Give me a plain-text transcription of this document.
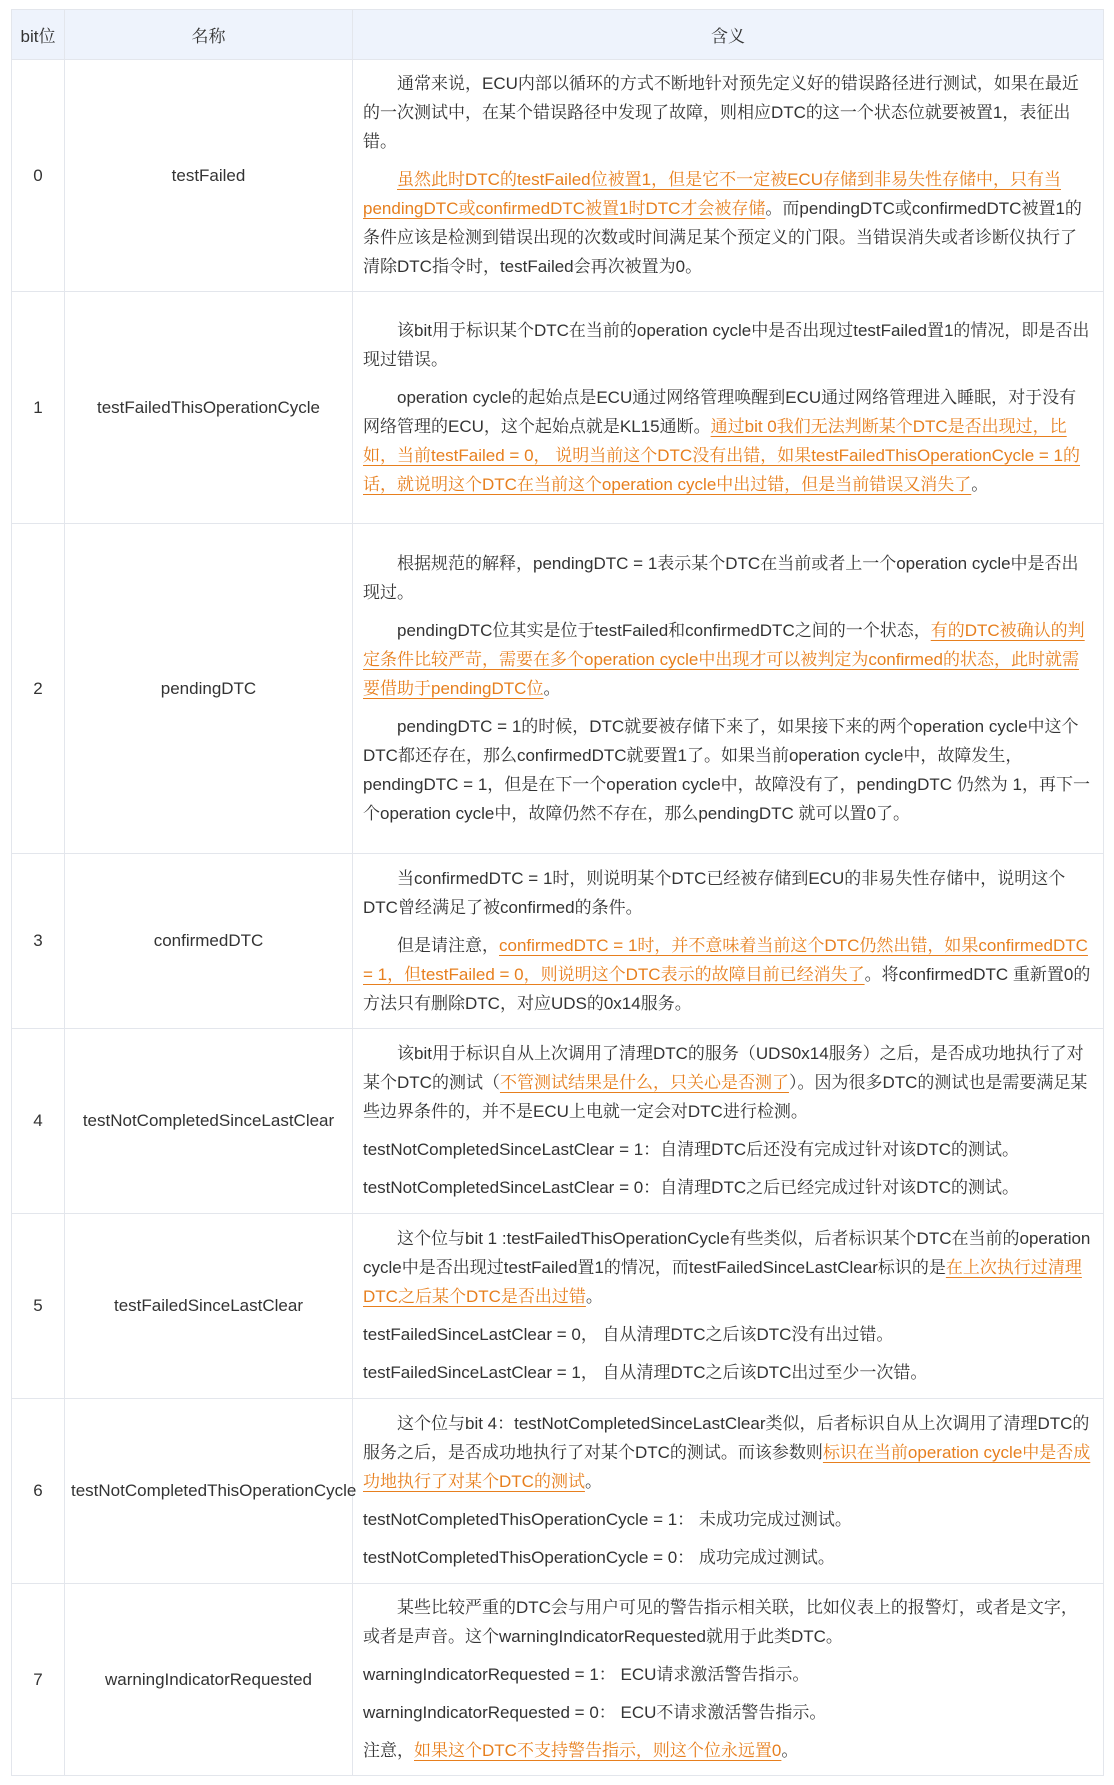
bit位	名称	含义
0	testFailed	通常来说，ECU内部以循环的方式不断地针对预先定义好的错误路径进行测试，如果在最近的一次测试中，在某个错误路径中发现了故障，则相应DTC的这一个状态位就要被置1，表征出错。
虽然此时DTC的testFailed位被置1，但是它不一定被ECU存储到非易失性存储中，只有当pendingDTC或confirmedDTC被置1时DTC才会被存储。而pendingDTC或confirmedDTC被置1的条件应该是检测到错误出现的次数或时间满足某个预定义的门限。当错误消失或者诊断仪执行了清除DTC指令时，testFailed会再次被置为0。

1	testFailedThisOperationCycle	该bit用于标识某个DTC在当前的operation cycle中是否出现过testFailed置1的情况，即是否出现过错误。
operation cycle的起始点是ECU通过网络管理唤醒到ECU通过网络管理进入睡眠，对于没有网络管理的ECU，这个起始点就是KL15通断。通过bit 0我们无法判断某个DTC是否出现过，比如，当前testFailed = 0， 说明当前这个DTC没有出错，如果testFailedThisOperationCycle = 1的话，就说明这个DTC在当前这个operation cycle中出过错，但是当前错误又消失了。

2	pendingDTC	根据规范的解释，pendingDTC = 1表示某个DTC在当前或者上一个operation cycle中是否出现过。
pendingDTC位其实是位于testFailed和confirmedDTC之间的一个状态，有的DTC被确认的判定条件比较严苛，需要在多个operation cycle中出现才可以被判定为confirmed的状态，此时就需要借助于pendingDTC位。
pendingDTC = 1的时候，DTC就要被存储下来了，如果接下来的两个operation cycle中这个DTC都还存在，那么confirmedDTC就要置1了。如果当前operation cycle中，故障发生，pendingDTC = 1，但是在下一个operation cycle中，故障没有了，pendingDTC 仍然为 1，再下一个operation cycle中，故障仍然不存在，那么pendingDTC 就可以置0了。

3	confirmedDTC	当confirmedDTC = 1时，则说明某个DTC已经被存储到ECU的非易失性存储中，说明这个DTC曾经满足了被confirmed的条件。
但是请注意，confirmedDTC = 1时，并不意味着当前这个DTC仍然出错，如果confirmedDTC = 1，但testFailed = 0，则说明这个DTC表示的故障目前已经消失了。将confirmedDTC 重新置0的方法只有删除DTC，对应UDS的0x14服务。

4	testNotCompletedSinceLastClear	该bit用于标识自从上次调用了清理DTC的服务（UDS0x14服务）之后，是否成功地执行了对某个DTC的测试（不管测试结果是什么，只关心是否测了）。因为很多DTC的测试也是需要满足某些边界条件的，并不是ECU上电就一定会对DTC进行检测。
testNotCompletedSinceLastClear = 1：自清理DTC后还没有完成过针对该DTC的测试。
testNotCompletedSinceLastClear = 0：自清理DTC之后已经完成过针对该DTC的测试。

5	testFailedSinceLastClear	这个位与bit 1 :testFailedThisOperationCycle有些类似，后者标识某个DTC在当前的operation cycle中是否出现过testFailed置1的情况，而testFailedSinceLastClear标识的是在上次执行过清理DTC之后某个DTC是否出过错。
testFailedSinceLastClear = 0， 自从清理DTC之后该DTC没有出过错。
testFailedSinceLastClear = 1， 自从清理DTC之后该DTC出过至少一次错。

6	testNotCompletedThisOperationCycle	这个位与bit 4：testNotCompletedSinceLastClear类似，后者标识自从上次调用了清理DTC的服务之后，是否成功地执行了对某个DTC的测试。而该参数则标识在当前operation cycle中是否成功地执行了对某个DTC的测试。
testNotCompletedThisOperationCycle = 1： 未成功完成过测试。
testNotCompletedThisOperationCycle = 0： 成功完成过测试。

7	warningIndicatorRequested	某些比较严重的DTC会与用户可见的警告指示相关联，比如仪表上的报警灯，或者是文字，或者是声音。这个warningIndicatorRequested就用于此类DTC。
warningIndicatorRequested = 1： ECU请求激活警告指示。
warningIndicatorRequested = 0： ECU不请求激活警告指示。
注意，如果这个DTC不支持警告指示，则这个位永远置0。
